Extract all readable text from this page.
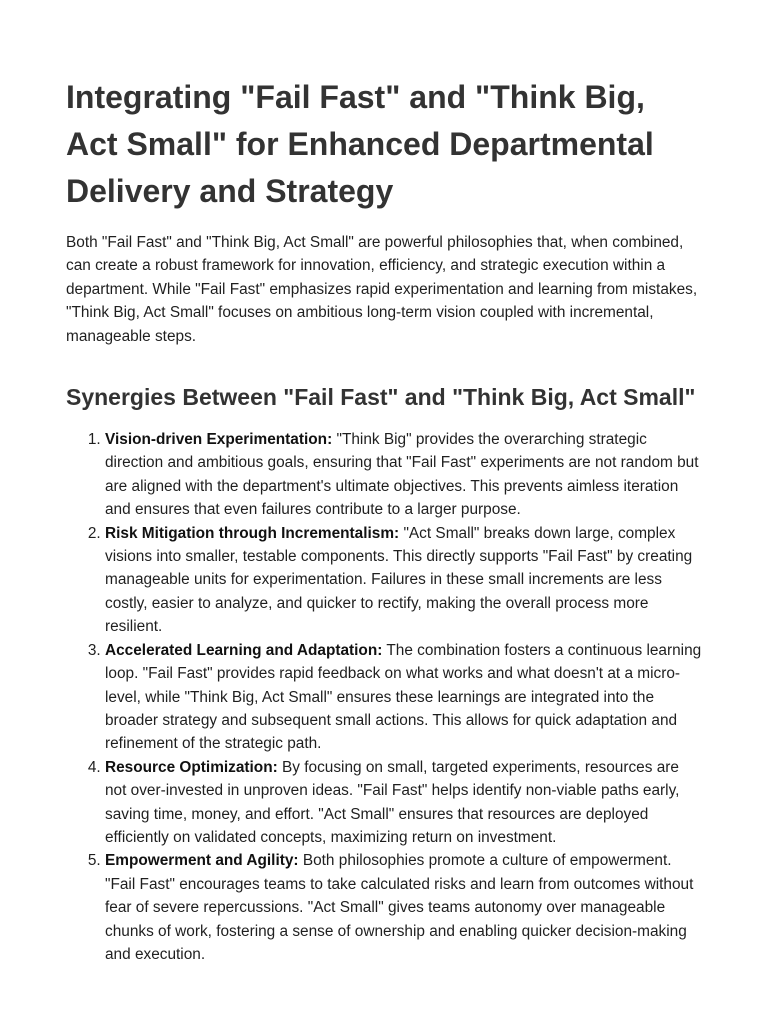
Integrating "Fail Fast" and "Think Big, Act Small" for Enhanced Departmental Delivery and Strategy

Both "Fail Fast" and "Think Big, Act Small" are powerful philosophies that, when combined, can create a robust framework for innovation, efficiency, and strategic execution within a department. While "Fail Fast" emphasizes rapid experimentation and learning from mistakes, "Think Big, Act Small" focuses on ambitious long-term vision coupled with incremental, manageable steps.

Synergies Between "Fail Fast" and "Think Big, Act Small"
1. Vision-driven Experimentation: "Think Big" provides the overarching strategic direction and ambitious goals, ensuring that "Fail Fast" experiments are not random but are aligned with the department's ultimate objectives. This prevents aimless iteration and ensures that even failures contribute to a larger purpose.
2. Risk Mitigation through Incrementalism: "Act Small" breaks down large, complex visions into smaller, testable components. This directly supports "Fail Fast" by creating manageable units for experimentation. Failures in these small increments are less costly, easier to analyze, and quicker to rectify, making the overall process more resilient.
3. Accelerated Learning and Adaptation: The combination fosters a continuous learning loop. "Fail Fast" provides rapid feedback on what works and what doesn't at a micro-level, while "Think Big, Act Small" ensures these learnings are integrated into the broader strategy and subsequent small actions. This allows for quick adaptation and refinement of the strategic path.
4. Resource Optimization: By focusing on small, targeted experiments, resources are not over-invested in unproven ideas. "Fail Fast" helps identify non-viable paths early, saving time, money, and effort. "Act Small" ensures that resources are deployed efficiently on validated concepts, maximizing return on investment.
5. Empowerment and Agility: Both philosophies promote a culture of empowerment. "Fail Fast" encourages teams to take calculated risks and learn from outcomes without fear of severe repercussions. "Act Small" gives teams autonomy over manageable chunks of work, fostering a sense of ownership and enabling quicker decision-making and execution.
